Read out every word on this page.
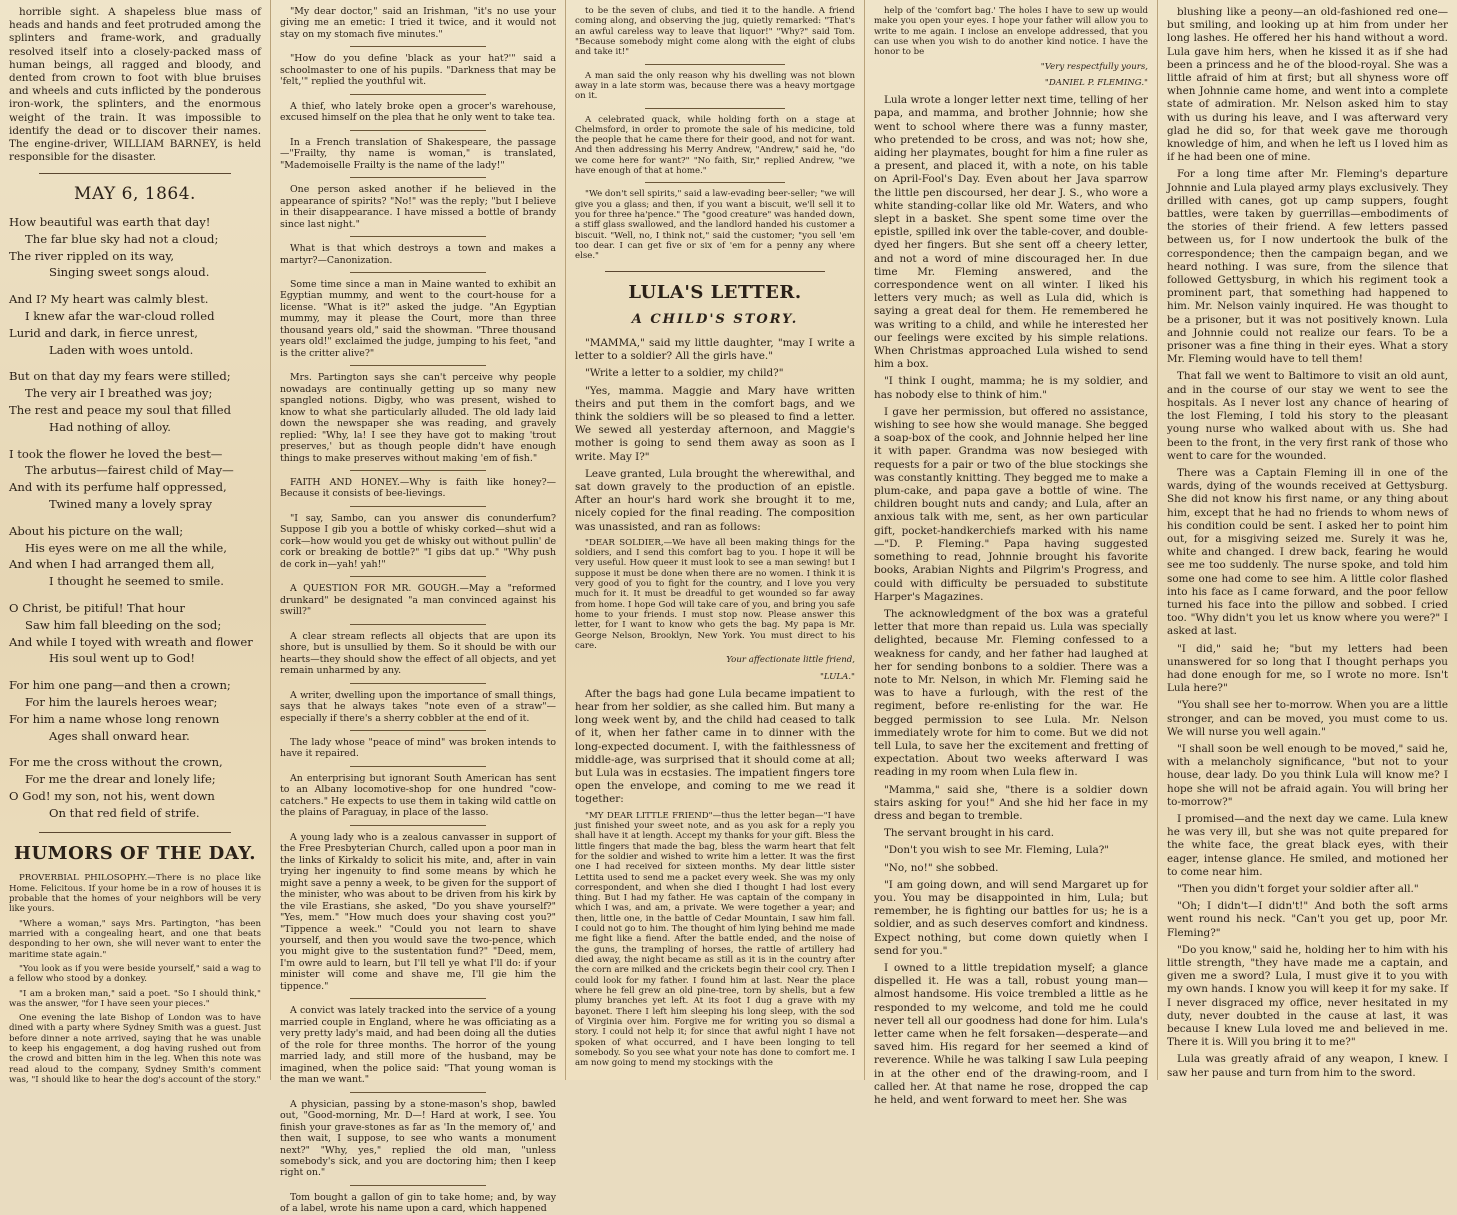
horrible sight. A shapeless blue mass of heads and hands and feet protruded among the splinters and frame-work, and gradually resolved itself into a closely-packed mass of human beings, all ragged and bloody, and dented from crown to foot with blue bruises and wheels and cuts inflicted by the ponderous iron-work, the splinters, and the enormous weight of the train. It was impossible to identify the dead or to discover their names. The engine-driver, WILLIAM BARNEY, is held responsible for the disaster.

MAY 6, 1864.
How beautiful was earth that day!
The far blue sky had not a cloud;
The river rippled on its way,
Singing sweet songs aloud.
And I? My heart was calmly blest.
I knew afar the war-cloud rolled
Lurid and dark, in fierce unrest,
Laden with woes untold.
But on that day my fears were stilled;
The very air I breathed was joy;
The rest and peace my soul that filled
Had nothing of alloy.
I took the flower he loved the best—
The arbutus—fairest child of May—
And with its perfume half oppressed,
Twined many a lovely spray
About his picture on the wall;
His eyes were on me all the while,
And when I had arranged them all,
I thought he seemed to smile.
O Christ, be pitiful! That hour
Saw him fall bleeding on the sod;
And while I toyed with wreath and flower
His soul went up to God!
For him one pang—and then a crown;
For him the laurels heroes wear;
For him a name whose long renown
Ages shall onward hear.
For me the cross without the crown,
For me the drear and lonely life;
O God! my son, not his, went down
On that red field of strife.
HUMORS OF THE DAY.

PROVERBIAL PHILOSOPHY.—There is no place like Home. Felicitous. If your home be in a row of houses it is probable that the homes of your neighbors will be very like yours.

"Where a woman," says Mrs. Partington, "has been married with a congealing heart, and one that beats desponding to her own, she will never want to enter the maritime state again."

"You look as if you were beside yourself," said a wag to a fellow who stood by a donkey.

"I am a broken man," said a poet. "So I should think," was the answer, "for I have seen your pieces."

One evening the late Bishop of London was to have dined with a party where Sydney Smith was a guest. Just before dinner a note arrived, saying that he was unable to keep his engagement, a dog having rushed out from the crowd and bitten him in the leg. When this note was read aloud to the company, Sydney Smith's comment was, "I should like to hear the dog's account of the story."

"My dear doctor," said an Irishman, "it's no use your giving me an emetic: I tried it twice, and it would not stay on my stomach five minutes."

"How do you define 'black as your hat?'" said a schoolmaster to one of his pupils. "Darkness that may be 'felt,'" replied the youthful wit.

A thief, who lately broke open a grocer's warehouse, excused himself on the plea that he only went to take tea.

In a French translation of Shakespeare, the passage—"Frailty, thy name is woman," is translated, "Mademoiselle Frailty is the name of the lady!"

One person asked another if he believed in the appearance of spirits? "No!" was the reply; "but I believe in their disappearance. I have missed a bottle of brandy since last night."

What is that which destroys a town and makes a martyr?—Canonization.

Some time since a man in Maine wanted to exhibit an Egyptian mummy, and went to the court-house for a license. "What is it?" asked the judge. "An Egyptian mummy, may it please the Court, more than three thousand years old," said the showman. "Three thousand years old!" exclaimed the judge, jumping to his feet, "and is the critter alive?"

Mrs. Partington says she can't perceive why people nowadays are continually getting up so many new spangled notions. Digby, who was present, wished to know to what she particularly alluded. The old lady laid down the newspaper she was reading, and gravely replied: "Why, la! I see they have got to making 'trout preserves,' but as though people didn't have enough things to make preserves without making 'em of fish."

FAITH AND HONEY.—Why is faith like honey?—Because it consists of bee-lievings.

"I say, Sambo, can you answer dis conunderfum? Suppose I gib you a bottle of whisky corked—shut wid a cork—how would you get de whisky out without pullin' de cork or breaking de bottle?" "I gibs dat up." "Why push de cork in—yah! yah!"

A QUESTION FOR MR. GOUGH.—May a "reformed drunkard" be designated "a man convinced against his swill?"

A clear stream reflects all objects that are upon its shore, but is unsullied by them. So it should be with our hearts—they should show the effect of all objects, and yet remain unharmed by any.

A writer, dwelling upon the importance of small things, says that he always takes "note even of a straw"—especially if there's a sherry cobbler at the end of it.

The lady whose "peace of mind" was broken intends to have it repaired.

An enterprising but ignorant South American has sent to an Albany locomotive-shop for one hundred "cow-catchers." He expects to use them in taking wild cattle on the plains of Paraguay, in place of the lasso.

A young lady who is a zealous canvasser in support of the Free Presbyterian Church, called upon a poor man in the links of Kirkaldy to solicit his mite, and, after in vain trying her ingenuity to find some means by which he might save a penny a week, to be given for the support of the minister, who was about to be driven from his kirk by the vile Erastians, she asked, "Do you shave yourself?" "Yes, mem." "How much does your shaving cost you?" "Tippence a week." "Could you not learn to shave yourself, and then you would save the two-pence, which you might give to the sustentation fund?" "Deed, mem, I'm owre auld to learn, but I'll tell ye what I'll do: if your minister will come and shave me, I'll gie him the tippence."

A convict was lately tracked into the service of a young married couple in England, where he was officiating as a very pretty lady's maid, and had been doing all the duties of the role for three months. The horror of the young married lady, and still more of the husband, may be imagined, when the police said: "That young woman is the man we want."

A physician, passing by a stone-mason's shop, bawled out, "Good-morning, Mr. D—! Hard at work, I see. You finish your grave-stones as far as 'In the memory of,' and then wait, I suppose, to see who wants a monument next?" "Why, yes," replied the old man, "unless somebody's sick, and you are doctoring him; then I keep right on."

Tom bought a gallon of gin to take home; and, by way of a label, wrote his name upon a card, which happened

to be the seven of clubs, and tied it to the handle. A friend coming along, and observing the jug, quietly remarked: "That's an awful careless way to leave that liquor!" "Why?" said Tom. "Because somebody might come along with the eight of clubs and take it!"

A man said the only reason why his dwelling was not blown away in a late storm was, because there was a heavy mortgage on it.

A celebrated quack, while holding forth on a stage at Chelmsford, in order to promote the sale of his medicine, told the people that he came there for their good, and not for want. And then addressing his Merry Andrew, "Andrew," said he, "do we come here for want?" "No faith, Sir," replied Andrew, "we have enough of that at home."

"We don't sell spirits," said a law-evading beer-seller; "we will give you a glass; and then, if you want a biscuit, we'll sell it to you for three ha'pence." The "good creature" was handed down, a stiff glass swallowed, and the landlord handed his customer a biscuit. "Well, no, I think not," said the customer; "you sell 'em too dear. I can get five or six of 'em for a penny any where else."

LULA'S LETTER.
A CHILD'S STORY.

"MAMMA," said my little daughter, "may I write a letter to a soldier? All the girls have."

"Write a letter to a soldier, my child?"

"Yes, mamma. Maggie and Mary have written theirs and put them in the comfort bags, and we think the soldiers will be so pleased to find a letter. We sewed all yesterday afternoon, and Maggie's mother is going to send them away as soon as I write. May I?"

Leave granted, Lula brought the wherewithal, and sat down gravely to the production of an epistle. After an hour's hard work she brought it to me, nicely copied for the final reading. The composition was unassisted, and ran as follows:

"DEAR SOLDIER,—We have all been making things for the soldiers, and I send this comfort bag to you. I hope it will be very useful. How queer it must look to see a man sewing! but I suppose it must be done when there are no women. I think it is very good of you to fight for the country, and I love you very much for it. It must be dreadful to get wounded so far away from home. I hope God will take care of you, and bring you safe home to your friends. I must stop now. Please answer this letter, for I want to know who gets the bag. My papa is Mr. George Nelson, Brooklyn, New York. You must direct to his care.

Your affectionate little friend,
"LULA."

After the bags had gone Lula became impatient to hear from her soldier, as she called him. But many a long week went by, and the child had ceased to talk of it, when her father came in to dinner with the long-expected document. I, with the faithlessness of middle-age, was surprised that it should come at all; but Lula was in ecstasies. The impatient fingers tore open the envelope, and coming to me we read it together:

"MY DEAR LITTLE FRIEND"—thus the letter began—"I have just finished your sweet note, and as you ask for a reply you shall have it at length. Accept my thanks for your gift. Bless the little fingers that made the bag, bless the warm heart that felt for the soldier and wished to write him a letter. It was the first one I had received for sixteen months. My dear little sister Lettita used to send me a packet every week. She was my only correspondent, and when she died I thought I had lost every thing. But I had my father. He was captain of the company in which I was, and am, a private. We were together a year; and then, little one, in the battle of Cedar Mountain, I saw him fall. I could not go to him. The thought of him lying behind me made me fight like a fiend. After the battle ended, and the noise of the guns, the trampling of horses, the rattle of artillery had died away, the night became as still as it is in the country after the corn are milked and the crickets begin their cool cry. Then I could look for my father. I found him at last. Near the place where he fell grew an old pine-tree, torn by shells, but a few plumy branches yet left. At its foot I dug a grave with my bayonet. There I left him sleeping his long sleep, with the sod of Virginia over him. Forgive me for writing you so dismal a story. I could not help it; for since that awful night I have not spoken of what occurred, and I have been longing to tell somebody. So you see what your note has done to comfort me. I am now going to mend my stockings with the

help of the 'comfort bag.' The holes I have to sew up would make you open your eyes. I hope your father will allow you to write to me again. I inclose an envelope addressed, that you can use when you wish to do another kind notice. I have the honor to be

"Very respectfully yours,
"DANIEL P. FLEMING."

Lula wrote a longer letter next time, telling of her papa, and mamma, and brother Johnnie; how she went to school where there was a funny master, who pretended to be cross, and was not; how she, aiding her playmates, bought for him a fine ruler as a present, and placed it, with a note, on his table on April-Fool's Day. Even about her Java sparrow the little pen discoursed, her dear J. S., who wore a white standing-collar like old Mr. Waters, and who slept in a basket. She spent some time over the epistle, spilled ink over the table-cover, and double-dyed her fingers. But she sent off a cheery letter, and not a word of mine discouraged her. In due time Mr. Fleming answered, and the correspondence went on all winter. I liked his letters very much; as well as Lula did, which is saying a great deal for them. He remembered he was writing to a child, and while he interested her our feelings were excited by his simple relations. When Christmas approached Lula wished to send him a box.

"I think I ought, mamma; he is my soldier, and has nobody else to think of him."

I gave her permission, but offered no assistance, wishing to see how she would manage. She begged a soap-box of the cook, and Johnnie helped her line it with paper. Grandma was now besieged with requests for a pair or two of the blue stockings she was constantly knitting. They begged me to make a plum-cake, and papa gave a bottle of wine. The children bought nuts and candy; and Lula, after an anxious talk with me, sent, as her own particular gift, pocket-handkerchiefs marked with his name—"D. P. Fleming." Papa having suggested something to read, Johnnie brought his favorite books, Arabian Nights and Pilgrim's Progress, and could with difficulty be persuaded to substitute Harper's Magazines.

The acknowledgment of the box was a grateful letter that more than repaid us. Lula was specially delighted, because Mr. Fleming confessed to a weakness for candy, and her father had laughed at her for sending bonbons to a soldier. There was a note to Mr. Nelson, in which Mr. Fleming said he was to have a furlough, with the rest of the regiment, before re-enlisting for the war. He begged permission to see Lula. Mr. Nelson immediately wrote for him to come. But we did not tell Lula, to save her the excitement and fretting of expectation. About two weeks afterward I was reading in my room when Lula flew in.

"Mamma," said she, "there is a soldier down stairs asking for you!" And she hid her face in my dress and began to tremble.

The servant brought in his card.

"Don't you wish to see Mr. Fleming, Lula?"

"No, no!" she sobbed.

"I am going down, and will send Margaret up for you. You may be disappointed in him, Lula; but remember, he is fighting our battles for us; he is a soldier, and as such deserves comfort and kindness. Expect nothing, but come down quietly when I send for you."

I owned to a little trepidation myself; a glance dispelled it. He was a tall, robust young man—almost handsome. His voice trembled a little as he responded to my welcome, and told me he could never tell all our goodness had done for him. Lula's letter came when he felt forsaken—desperate—and saved him. His regard for her seemed a kind of reverence. While he was talking I saw Lula peeping in at the other end of the drawing-room, and I called her. At that name he rose, dropped the cap he held, and went forward to meet her. She was

blushing like a peony—an old-fashioned red one—but smiling, and looking up at him from under her long lashes. He offered her his hand without a word. Lula gave him hers, when he kissed it as if she had been a princess and he of the blood-royal. She was a little afraid of him at first; but all shyness wore off when Johnnie came home, and went into a complete state of admiration. Mr. Nelson asked him to stay with us during his leave, and I was afterward very glad he did so, for that week gave me thorough knowledge of him, and when he left us I loved him as if he had been one of mine.

For a long time after Mr. Fleming's departure Johnnie and Lula played army plays exclusively. They drilled with canes, got up camp suppers, fought battles, were taken by guerrillas—embodiments of the stories of their friend. A few letters passed between us, for I now undertook the bulk of the correspondence; then the campaign began, and we heard nothing. I was sure, from the silence that followed Gettysburg, in which his regiment took a prominent part, that something had happened to him. Mr. Nelson vainly inquired. He was thought to be a prisoner, but it was not positively known. Lula and Johnnie could not realize our fears. To be a prisoner was a fine thing in their eyes. What a story Mr. Fleming would have to tell them!

That fall we went to Baltimore to visit an old aunt, and in the course of our stay we went to see the hospitals. As I never lost any chance of hearing of the lost Fleming, I told his story to the pleasant young nurse who walked about with us. She had been to the front, in the very first rank of those who went to care for the wounded.

There was a Captain Fleming ill in one of the wards, dying of the wounds received at Gettysburg. She did not know his first name, or any thing about him, except that he had no friends to whom news of his condition could be sent. I asked her to point him out, for a misgiving seized me. Surely it was he, white and changed. I drew back, fearing he would see me too suddenly. The nurse spoke, and told him some one had come to see him. A little color flashed into his face as I came forward, and the poor fellow turned his face into the pillow and sobbed. I cried too. "Why didn't you let us know where you were?" I asked at last.

"I did," said he; "but my letters had been unanswered for so long that I thought perhaps you had done enough for me, so I wrote no more. Isn't Lula here?"

"You shall see her to-morrow. When you are a little stronger, and can be moved, you must come to us. We will nurse you well again."

"I shall soon be well enough to be moved," said he, with a melancholy significance, "but not to your house, dear lady. Do you think Lula will know me? I hope she will not be afraid again. You will bring her to-morrow?"

I promised—and the next day we came. Lula knew he was very ill, but she was not quite prepared for the white face, the great black eyes, with their eager, intense glance. He smiled, and motioned her to come near him.

"Then you didn't forget your soldier after all."

"Oh; I didn't—I didn't!" And both the soft arms went round his neck. "Can't you get up, poor Mr. Fleming?"

"Do you know," said he, holding her to him with his little strength, "they have made me a captain, and given me a sword? Lula, I must give it to you with my own hands. I know you will keep it for my sake. If I never disgraced my office, never hesitated in my duty, never doubted in the cause at last, it was because I knew Lula loved me and believed in me. There it is. Will you bring it to me?"

Lula was greatly afraid of any weapon, I knew. I saw her pause and turn from him to the sword.
